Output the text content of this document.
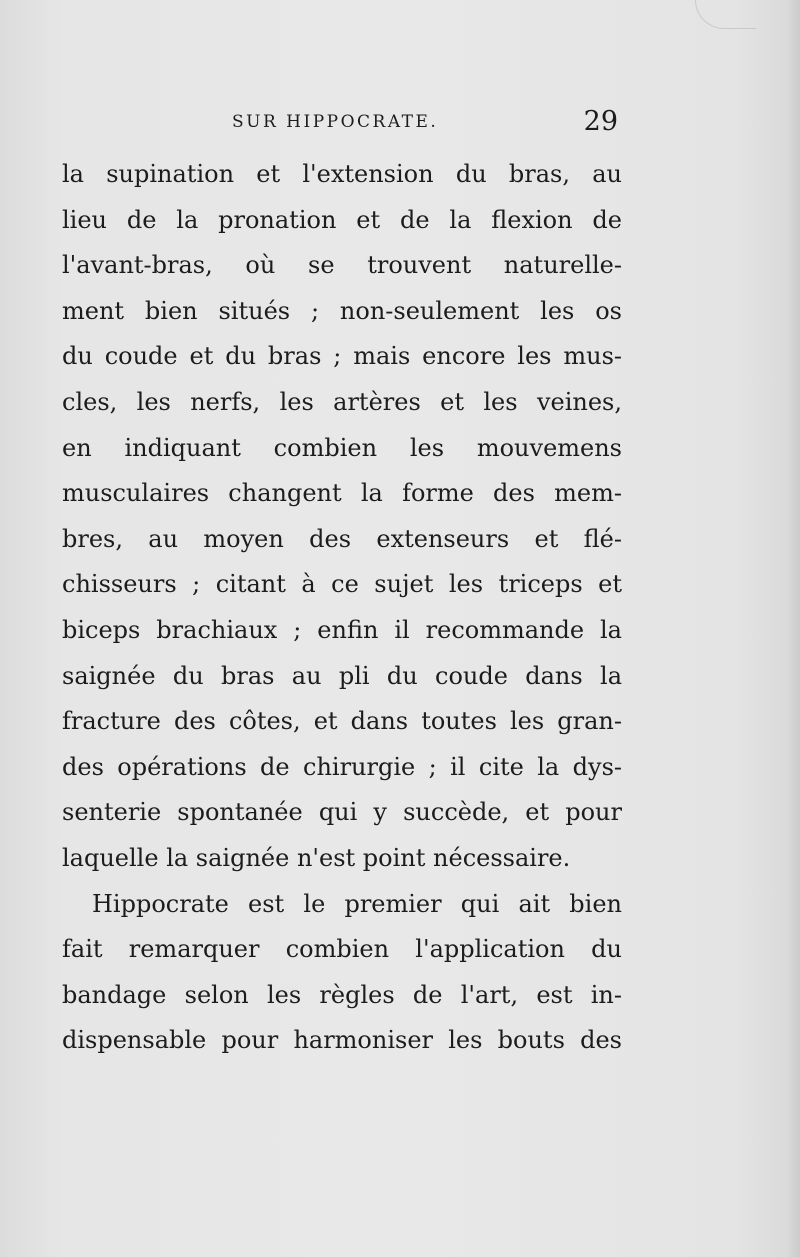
SUR HIPPOCRATE.	29
la supination et l'extension du bras, au
lieu de la pronation et de la flexion de
l'avant-bras, où se trouvent naturelle-
ment bien situés ; non-seulement les os
du coude et du bras ; mais encore les mus-
cles, les nerfs, les artères et les veines,
en indiquant combien les mouvemens
musculaires changent la forme des mem-
bres, au moyen des extenseurs et flé-
chisseurs ; citant à ce sujet les triceps et
biceps brachiaux ; enfin il recommande la
saignée du bras au pli du coude dans la
fracture des côtes, et dans toutes les gran-
des opérations de chirurgie ; il cite la dys-
senterie spontanée qui y succède, et pour
laquelle la saignée n'est point nécessaire.
Hippocrate est le premier qui ait bien
fait remarquer combien l'application du
bandage selon les règles de l'art, est in-
dispensable pour harmoniser les bouts des
